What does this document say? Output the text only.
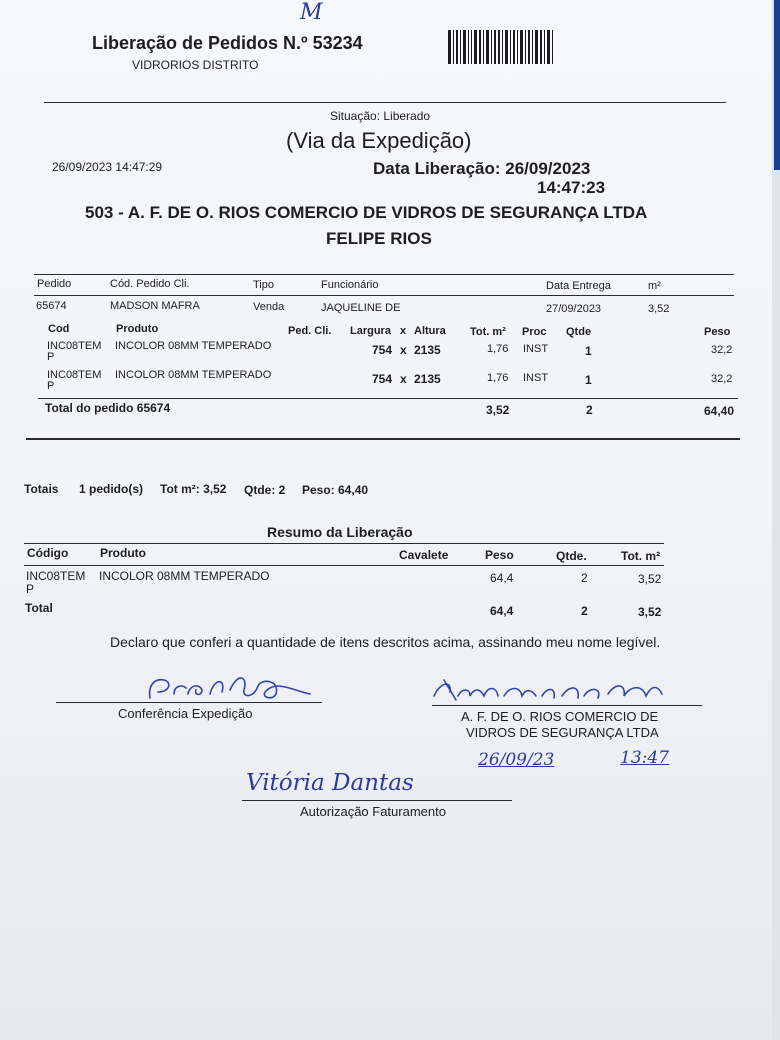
M
Liberação de Pedidos N.º 53234
VIDRORIOS DISTRITO
Situação: Liberado
(Via da Expedição)
26/09/2023 14:47:29	Data Liberação: 26/09/2023
14:47:23
503 - A. F. DE O. RIOS COMERCIO DE VIDROS DE SEGURANÇA LTDA
FELIPE RIOS
Pedido	Cód. Pedido Cli.	Tipo	Funcionário	Data Entrega	m²
65674	MADSON MAFRA	Venda	JAQUELINE DE	27/09/2023	3,52
Cod	Produto	Ped. Cli. Largura x Altura Tot. m² Proc Qtde	Peso
INC08TEM
P
INCOLOR 08MM TEMPERADO	754 x 2135	1,76 INST	1	32,2
INC08TEM
P
INCOLOR 08MM TEMPERADO	754 x 2135	1,76 INST	1	32,2
Total do pedido 65674	3,52	2	64,40
Totais 1 pedido(s) Tot m²: 3,52 Qtde: 2 Peso: 64,40
Resumo da Liberação
Código	Produto	Cavalete	Peso	Qtde.	Tot. m²
INC08TEM
P
INCOLOR 08MM TEMPERADO	64,4	2	3,52
Total	64,4	2	3,52
Declaro que conferi a quantidade de itens descritos acima, assinando meu nome legível.
Conferência Expedição	A. F. DE O. RIOS COMERCIO DE
VIDROS DE SEGURANÇA LTDA
26/09/23	13:47
Vitória Dantas
Autorização Faturamento
